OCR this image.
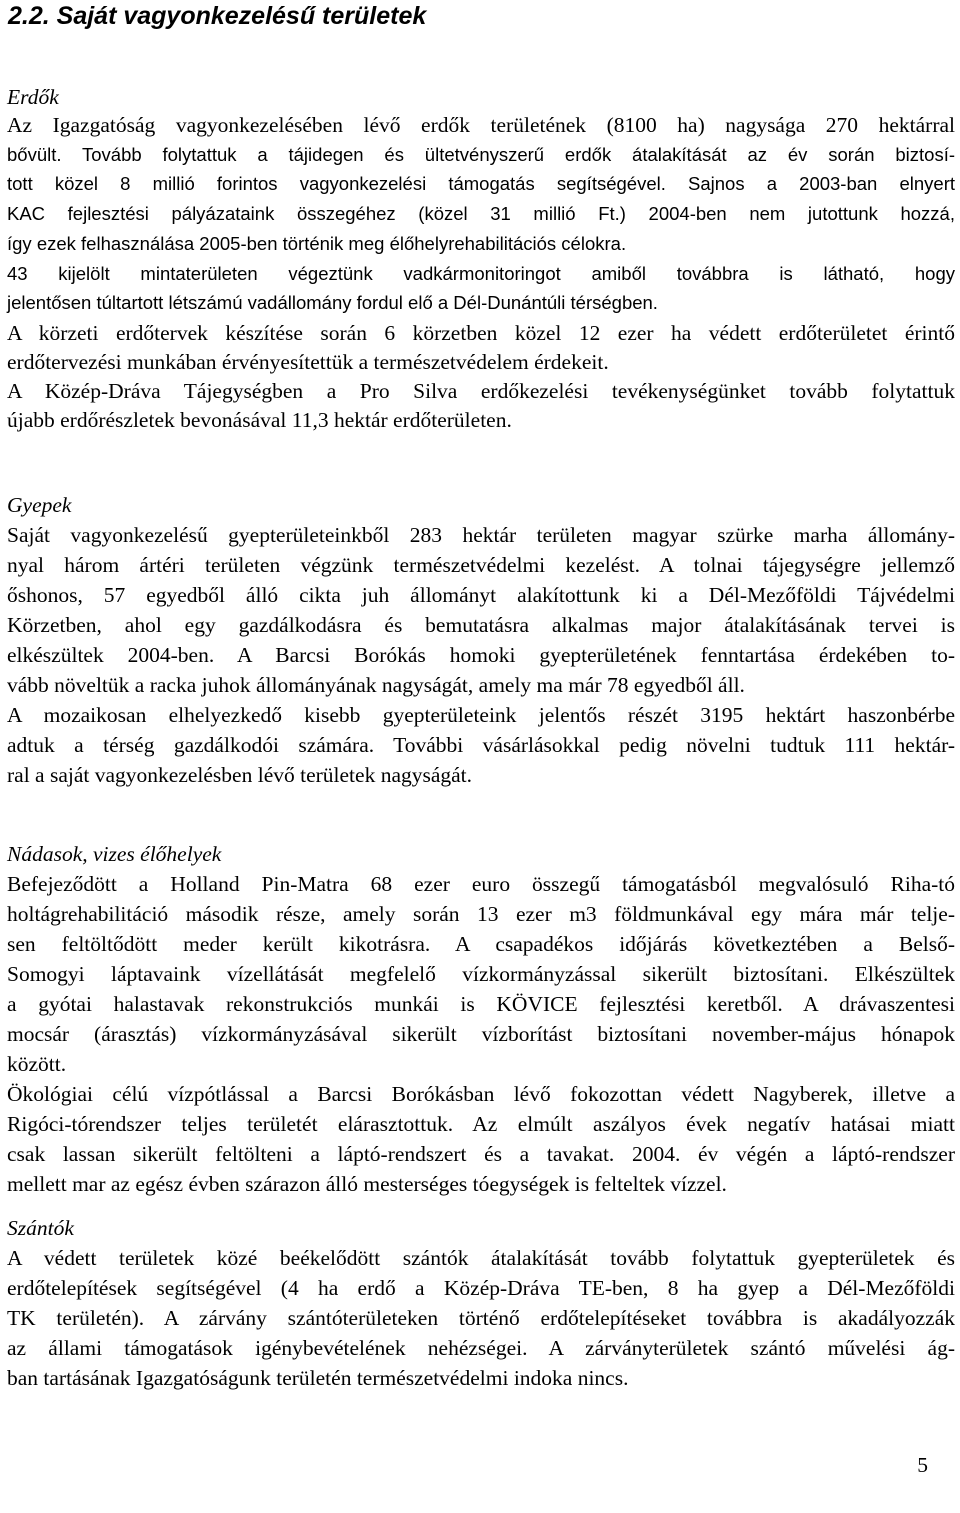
2.2. Saját vagyonkezelésű területek
Erdők
Az Igazgatóság vagyonkezelésében lévő erdők területének (8100 ha) nagysága 270 hektárral
bővült. Tovább folytattuk a tájidegen és ültetvényszerű erdők átalakítását az év során biztosí-
tott közel 8 millió forintos vagyonkezelési támogatás segítségével. Sajnos a 2003-ban elnyert
KAC fejlesztési pályázataink összegéhez (közel 31 millió Ft.) 2004-ben nem jutottunk hozzá,
így ezek felhasználása 2005-ben történik meg élőhelyrehabilitációs célokra.
43 kijelölt mintaterületen végeztünk vadkármonitoringot amiből továbbra is látható, hogy
jelentősen túltartott létszámú vadállomány fordul elő a Dél-Dunántúli térségben.
A körzeti erdőtervek készítése során 6 körzetben közel 12 ezer ha védett erdőterületet érintő
erdőtervezési munkában érvényesítettük a természetvédelem érdekeit.
A Közép-Dráva Tájegységben a Pro Silva erdőkezelési tevékenységünket tovább folytattuk
újabb erdőrészletek bevonásával 11,3 hektár erdőterületen.
Gyepek
Saját vagyonkezelésű gyepterületeinkből 283 hektár területen magyar szürke marha állomány-
nyal három ártéri területen végzünk természetvédelmi kezelést. A tolnai tájegységre jellemző
őshonos, 57 egyedből álló cikta juh állományt alakítottunk ki a Dél-Mezőföldi Tájvédelmi
Körzetben, ahol egy gazdálkodásra és bemutatásra alkalmas major átalakításának tervei is
elkészültek 2004-ben. A Barcsi Borókás homoki gyepterületének fenntartása érdekében to-
vább növeltük a racka juhok állományának nagyságát, amely ma már 78 egyedből áll.
A mozaikosan elhelyezkedő kisebb gyepterületeink jelentős részét 3195 hektárt haszonbérbe
adtuk a térség gazdálkodói számára. További vásárlásokkal pedig növelni tudtuk 111 hektár-
ral a saját vagyonkezelésben lévő területek nagyságát.
Nádasok, vizes élőhelyek
Befejeződött a Holland Pin-Matra 68 ezer euro összegű támogatásból megvalósuló Riha-tó
holtágrehabilitáció második része, amely során 13 ezer m3 földmunkával egy mára már telje-
sen feltöltődött meder került kikotrásra. A csapadékos időjárás következtében a Belső-
Somogyi láptavaink vízellátását megfelelő vízkormányzással sikerült biztosítani. Elkészültek
a gyótai halastavak rekonstrukciós munkái is KÖVICE fejlesztési keretből. A drávaszentesi
mocsár (árasztás) vízkormányzásával sikerült vízborítást biztosítani november-május hónapok
között.
Ökológiai célú vízpótlással a Barcsi Borókásban lévő fokozottan védett Nagyberek, illetve a
Rigóci-tórendszer teljes területét elárasztottuk. Az elmúlt aszályos évek negatív hatásai miatt
csak lassan sikerült feltölteni a láptó-rendszert és a tavakat. 2004. év végén a láptó-rendszer
mellett mar az egész évben szárazon álló mesterséges tóegységek is felteltek vízzel.
Szántók
A védett területek közé beékelődött szántók átalakítását tovább folytattuk gyepterületek és
erdőtelepítések segítségével (4 ha erdő a Közép-Dráva TE-ben, 8 ha gyep a Dél-Mezőföldi
TK területén). A zárvány szántóterületeken történő erdőtelepítéseket továbbra is akadályozzák
az állami támogatások igénybevételének nehézségei. A zárványterületek szántó művelési ág-
ban tartásának Igazgatóságunk területén természetvédelmi indoka nincs.
5
